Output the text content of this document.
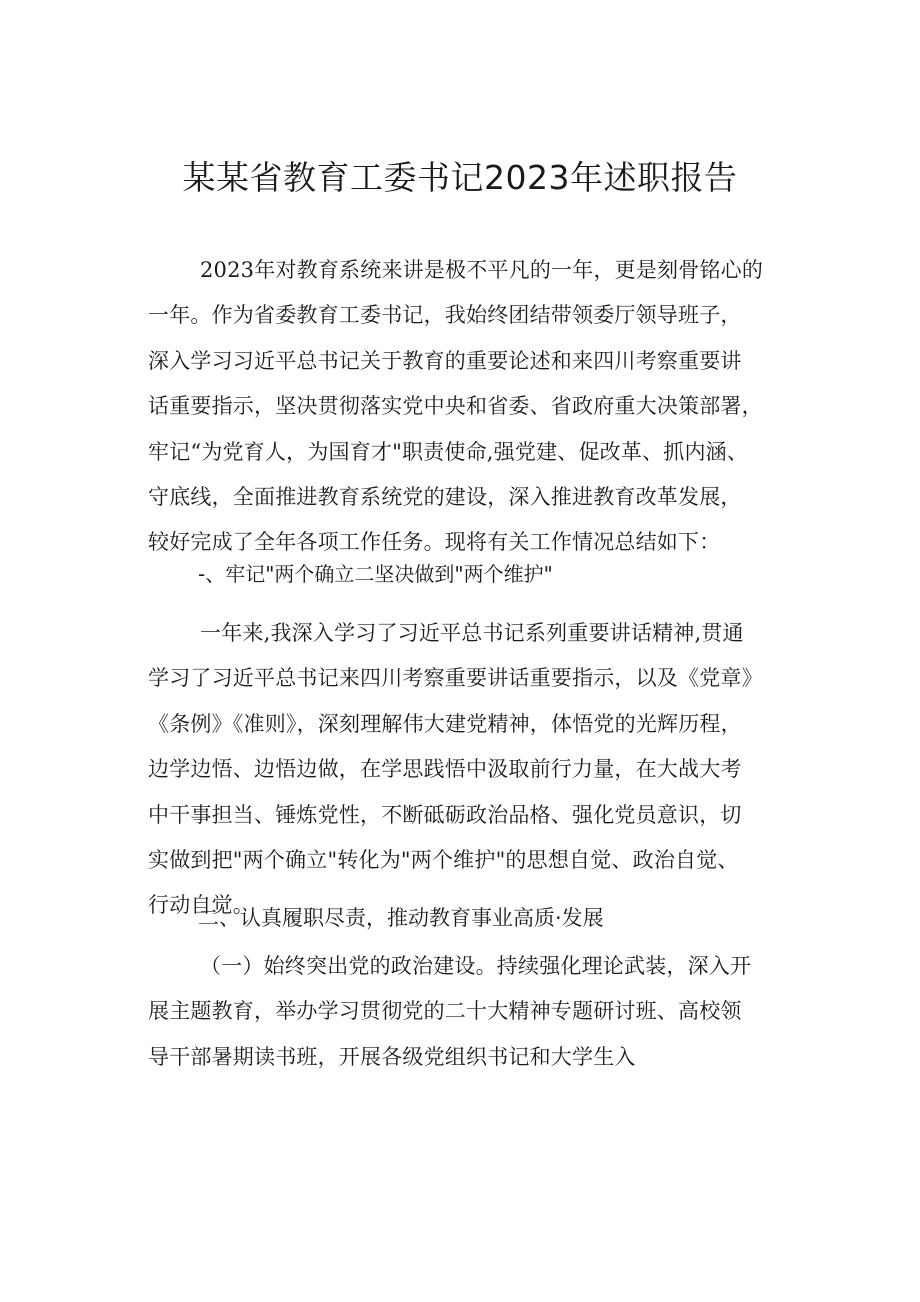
某某省教育工委书记2023年述职报告

2023年对教育系统来讲是极不平凡的一年，更是刻骨铭心的
一年。作为省委教育工委书记，我始终团结带领委厅领导班子，
深入学习习近平总书记关于教育的重要论述和来四川考察重要讲
话重要指示，坚决贯彻落实党中央和省委、省政府重大决策部署，
牢记“为党育人，为国育才"职责使命,强党建、促改革、抓内涵、
守底线，全面推进教育系统党的建设，深入推进教育改革发展，
较好完成了全年各项工作任务。现将有关工作情况总结如下：

-、牢记"两个确立二坚决做到"两个维护"

一年来,我深入学习了习近平总书记系列重要讲话精神,贯通
学习了习近平总书记来四川考察重要讲话重要指示，以及《党章》
《条例》《准则》，深刻理解伟大建党精神，体悟党的光辉历程，
边学边悟、边悟边做，在学思践悟中汲取前行力量，在大战大考
中干事担当、锤炼党性，不断砥砺政治品格、强化党员意识，切
实做到把"两个确立"转化为"两个维护"的思想自觉、政治自觉、
行动自觉。

二、认真履职尽责，推动教育事业高质·发展

（一）始终突出党的政治建设。持续强化理论武装，深入开
展主题教育，举办学习贯彻党的二十大精神专题研讨班、高校领
导干部暑期读书班，开展各级党组织书记和大学生入
